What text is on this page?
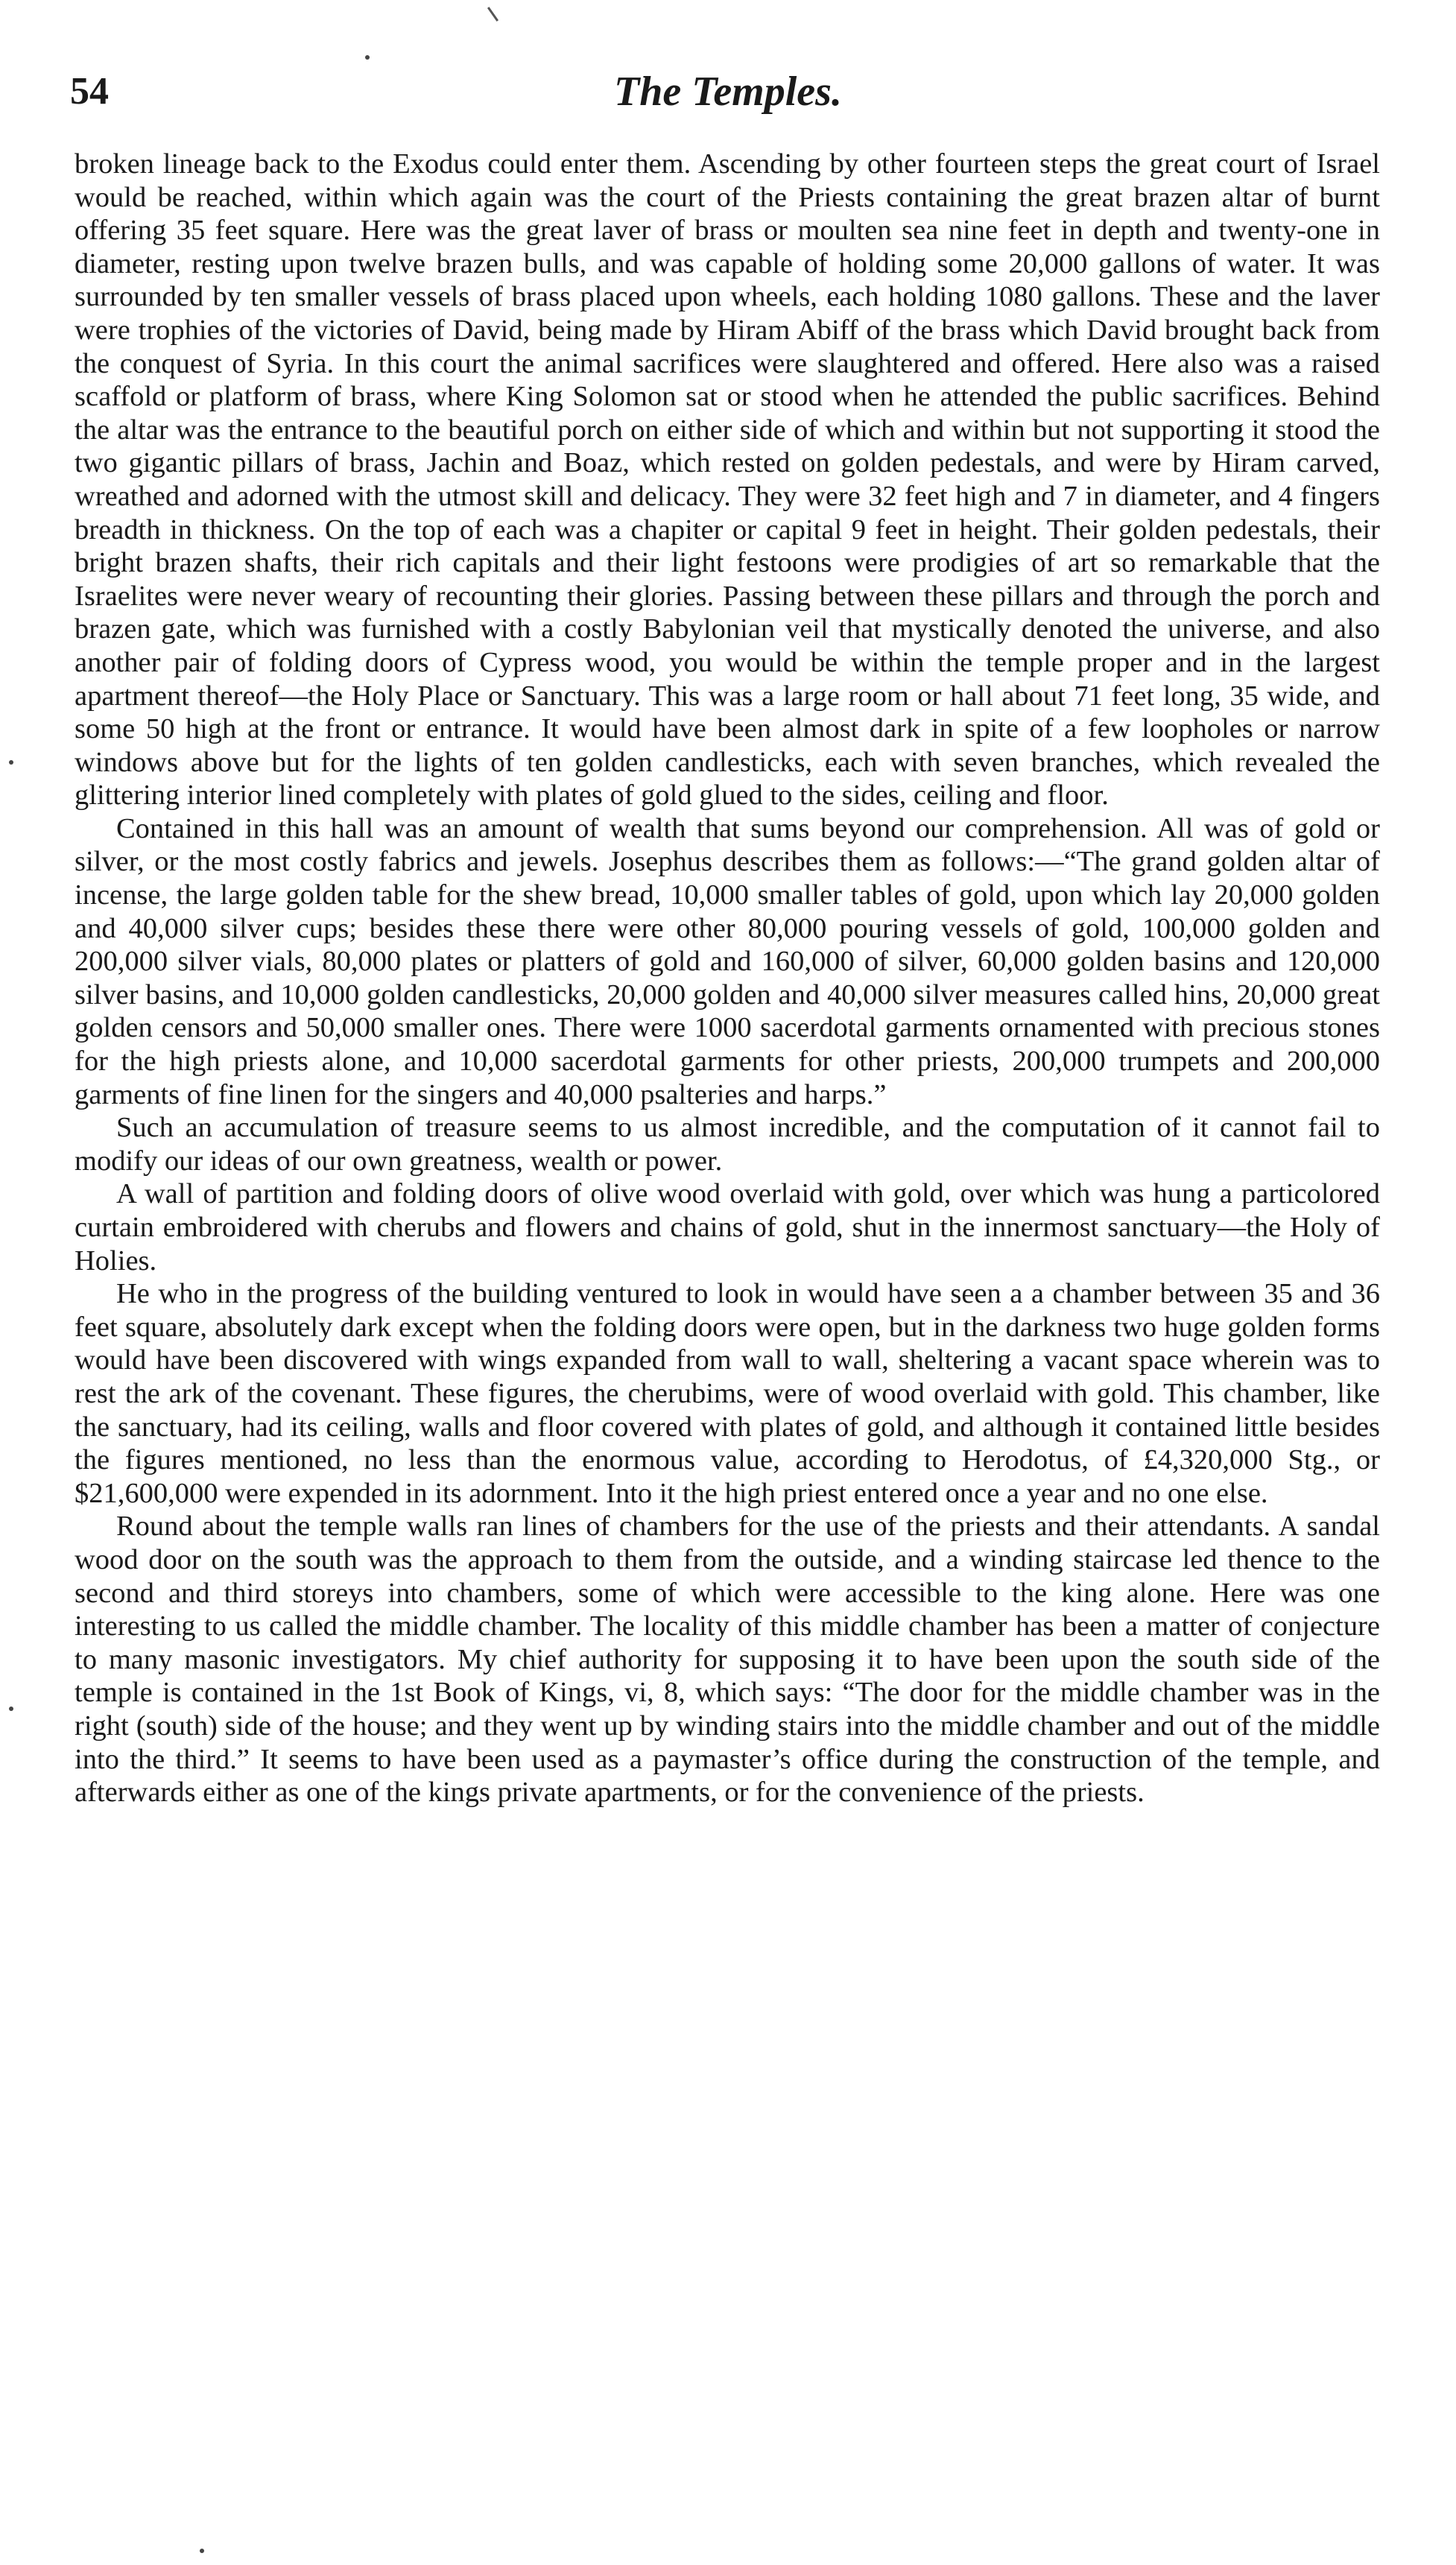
54	The Temples.

broken lineage back to the Exodus could enter them. Ascending by other fourteen steps the great court of Israel would be reached, within which again was the court of the Priests containing the great brazen altar of burnt offering 35 feet square. Here was the great laver of brass or moulten sea nine feet in depth and twenty-one in diameter, resting upon twelve brazen bulls, and was capable of holding some 20,000 gallons of water. It was surrounded by ten smaller vessels of brass placed upon wheels, each holding 1080 gallons. These and the laver were trophies of the victories of David, being made by Hiram Abiff of the brass which David brought back from the conquest of Syria. In this court the animal sacrifices were slaughtered and offered. Here also was a raised scaffold or platform of brass, where King Solomon sat or stood when he attended the public sacrifices. Behind the altar was the entrance to the beautiful porch on either side of which and within but not supporting it stood the two gigantic pillars of brass, Jachin and Boaz, which rested on golden pedestals, and were by Hiram carved, wreathed and adorned with the utmost skill and delicacy. They were 32 feet high and 7 in diameter, and 4 fingers breadth in thickness. On the top of each was a chapiter or capital 9 feet in height. Their golden pedestals, their bright brazen shafts, their rich capitals and their light festoons were prodigies of art so remarkable that the Israelites were never weary of recounting their glories. Passing between these pillars and through the porch and brazen gate, which was furnished with a costly Babylonian veil that mystically denoted the universe, and also another pair of folding doors of Cypress wood, you would be within the temple proper and in the largest apartment thereof—the Holy Place or Sanctuary. This was a large room or hall about 71 feet long, 35 wide, and some 50 high at the front or entrance. It would have been almost dark in spite of a few loopholes or narrow windows above but for the lights of ten golden candlesticks, each with seven branches, which revealed the glittering interior lined completely with plates of gold glued to the sides, ceiling and floor.

Contained in this hall was an amount of wealth that sums beyond our comprehension. All was of gold or silver, or the most costly fabrics and jewels. Josephus describes them as follows:—“The grand golden altar of incense, the large golden table for the shew bread, 10,000 smaller tables of gold, upon which lay 20,000 golden and 40,000 silver cups; besides these there were other 80,000 pouring vessels of gold, 100,000 golden and 200,000 silver vials, 80,000 plates or platters of gold and 160,000 of silver, 60,000 golden basins and 120,000 silver basins, and 10,000 golden candlesticks, 20,000 golden and 40,000 silver measures called hins, 20,000 great golden censors and 50,000 smaller ones. There were 1000 sacerdotal garments ornamented with precious stones for the high priests alone, and 10,000 sacerdotal garments for other priests, 200,000 trumpets and 200,000 garments of fine linen for the singers and 40,000 psalteries and harps.”

Such an accumulation of treasure seems to us almost incredible, and the computation of it cannot fail to modify our ideas of our own greatness, wealth or power.

A wall of partition and folding doors of olive wood overlaid with gold, over which was hung a particolored curtain embroidered with cherubs and flowers and chains of gold, shut in the innermost sanctuary—the Holy of Holies.

He who in the progress of the building ventured to look in would have seen a a chamber between 35 and 36 feet square, absolutely dark except when the folding doors were open, but in the darkness two huge golden forms would have been discovered with wings expanded from wall to wall, sheltering a vacant space wherein was to rest the ark of the covenant. These figures, the cherubims, were of wood overlaid with gold. This chamber, like the sanctuary, had its ceiling, walls and floor covered with plates of gold, and although it contained little besides the figures mentioned, no less than the enormous value, according to Herodotus, of £4,320,000 Stg., or $21,600,000 were expended in its adornment. Into it the high priest entered once a year and no one else.

Round about the temple walls ran lines of chambers for the use of the priests and their attendants. A sandal wood door on the south was the approach to them from the outside, and a winding staircase led thence to the second and third storeys into chambers, some of which were accessible to the king alone. Here was one interesting to us called the middle chamber. The locality of this middle chamber has been a matter of conjecture to many masonic investigators. My chief authority for supposing it to have been upon the south side of the temple is contained in the 1st Book of Kings, vi, 8, which says: “The door for the middle chamber was in the right (south) side of the house; and they went up by winding stairs into the middle chamber and out of the middle into the third.” It seems to have been used as a paymaster’s office during the construction of the temple, and afterwards either as one of the kings private apartments, or for the convenience of the priests.
